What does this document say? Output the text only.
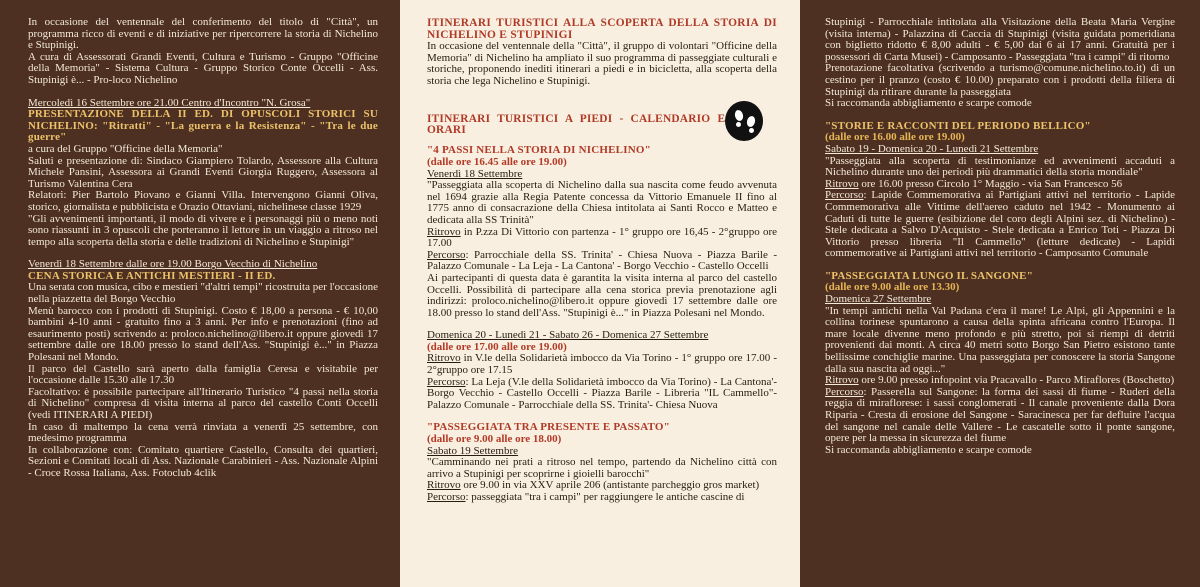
In occasione del ventennale del conferimento del titolo di "Città", un programma ricco di eventi e di iniziative per ripercorrere la storia di Nichelino e Stupinigi.

A cura di Assessorati Grandi Eventi, Cultura e Turismo - Gruppo "Officine della Memoria" - Sistema Cultura - Gruppo Storico Conte Occelli - Ass. Stupinigi è... - Pro-loco Nichelino

Mercoledì 16 Settembre ore 21.00 Centro d'Incontro "N. Grosa"

PRESENTAZIONE DELLA II ED. DI OPUSCOLI STORICI SU NICHELINO: "Ritratti" - "La guerra e la Resistenza" - "Tra le due guerre"

a cura del Gruppo "Officine della Memoria"

Saluti e presentazione di: Sindaco Giampiero Tolardo, Assessore alla Cultura Michele Pansini, Assessora ai Grandi Eventi Giorgia Ruggero, Assessora al Turismo Valentina Cera

Relatori: Pier Bartolo Piovano e Gianni Villa. Intervengono Gianni Oliva, storico, giornalista e pubblicista e Orazio Ottaviani, nichelinese classe 1929

"Gli avvenimenti importanti, il modo di vivere e i personaggi più o meno noti sono riassunti in 3 opuscoli che porteranno il lettore in un viaggio a ritroso nel tempo alla scoperta della storia e delle tradizioni di Nichelino e Stupinigi"

Venerdì 18 Settembre dalle ore 19.00 Borgo Vecchio di Nichelino

CENA STORICA E ANTICHI MESTIERI - II ED.

Una serata con musica, cibo e mestieri "d'altri tempi" ricostruita per l'occasione nella piazzetta del Borgo Vecchio

Menù barocco con i prodotti di Stupinigi. Costo € 18,00 a persona - € 10,00 bambini 4-10 anni - gratuito fino a 3 anni. Per info e prenotazioni (fino ad esaurimento posti) scrivendo a: proloco.nichelino@libero.it oppure giovedì 17 settembre dalle ore 18.00 presso lo stand dell'Ass. "Stupinigi è..." in Piazza Polesani nel Mondo.

Il parco del Castello sarà aperto dalla famiglia Ceresa e visitabile per l'occasione dalle 15.30 alle 17.30

Facoltativo: è possibile partecipare all'Itinerario Turistico "4 passi nella storia di Nichelino" compresa di visita interna al parco del castello Conti Occelli (vedi ITINERARI A PIEDI)

In caso di maltempo la cena verrà rinviata a venerdì 25 settembre, con medesimo programma

In collaborazione con: Comitato quartiere Castello, Consulta dei quartieri, Sezioni e Comitati locali di Ass. Nazionale Carabinieri - Ass. Nazionale Alpini - Croce Rossa Italiana, Ass. Fotoclub 4clik

ITINERARI TURISTICI ALLA SCOPERTA DELLA STORIA DI NICHELINO E STUPINIGI

In occasione del ventennale della "Città", il gruppo di volontari "Officine della Memoria" di Nichelino ha ampliato il suo programma di passeggiate culturali e storiche, proponendo inediti itinerari a piedi e in bicicletta, alla scoperta della storia che lega Nichelino e Stupinigi.

ITINERARI TURISTICI A PIEDI - CALENDARIO E ORARI

"4 PASSI NELLA STORIA DI NICHELINO"

(dalle ore 16.45 alle ore 19.00)

Venerdì 18 Settembre

"Passeggiata alla scoperta di Nichelino dalla sua nascita come feudo avvenuta nel 1694 grazie alla Regia Patente concessa da Vittorio Emanuele II fino al 1775 anno di consacrazione della Chiesa intitolata ai Santi Rocco e Matteo e dedicata alla SS Trinità"

Ritrovo in P.zza Di Vittorio con partenza - 1° gruppo ore 16,45 - 2°gruppo ore 17.00

Percorso: Parrocchiale della SS. Trinita' - Chiesa Nuova - Piazza Barile - Palazzo Comunale - La Leja - La Cantona' - Borgo Vecchio - Castello Occelli

Ai partecipanti di questa data è garantita la visita interna al parco del castello Occelli. Possibilità di partecipare alla cena storica previa prenotazione agli indirizzi: proloco.nichelino@libero.it oppure giovedì 17 settembre dalle ore 18.00 presso lo stand dell'Ass. "Stupinigi è..." in Piazza Polesani nel Mondo.

Domenica 20 - Lunedì 21 - Sabato 26 - Domenica 27 Settembre

(dalle ore 17.00 alle ore 19.00)

Ritrovo in V.le della Solidarietà imbocco da Via Torino - 1° gruppo ore 17.00 - 2°gruppo ore 17.15

Percorso: La Leja (V.le della Solidarietà imbocco da Via Torino) - La Cantona'- Borgo Vecchio - Castello Occelli - Piazza Barile - Libreria "IL Cammello"- Palazzo Comunale - Parrocchiale della SS. Trinita'- Chiesa Nuova

"PASSEGGIATA TRA PRESENTE E PASSATO"

(dalle ore 9.00 alle ore 18.00)

Sabato 19 Settembre

"Camminando nei prati a ritroso nel tempo, partendo da Nichelino città con arrivo a Stupinigi per scoprirne i gioielli barocchi"

Ritrovo ore 9.00 in via XXV aprile 206 (antistante parcheggio gros market)

Percorso: passeggiata "tra i campi" per raggiungere le antiche cascine di

Stupinigi - Parrocchiale intitolata alla Visitazione della Beata Maria Vergine (visita interna) - Palazzina di Caccia di Stupinigi (visita guidata pomeridiana con biglietto ridotto € 8,00 adulti - € 5,00 dai 6 ai 17 anni. Gratuità per i possessori di Carta Musei) - Camposanto - Passeggiata "tra i campi" di ritorno

Prenotazione facoltativa (scrivendo a turismo@comune.nichelino.to.it) di un cestino per il pranzo (costo € 10.00) preparato con i prodotti della filiera di Stupinigi da ritirare durante la passeggiata

Si raccomanda abbigliamento e scarpe comode

"STORIE E RACCONTI DEL PERIODO BELLICO"

(dalle ore 16.00 alle ore 19.00)

Sabato 19 - Domenica 20 - Lunedì 21 Settembre

"Passeggiata alla scoperta di testimonianze ed avvenimenti accaduti a Nichelino durante uno dei periodi più drammatici della storia mondiale"

Ritrovo ore 16.00 presso Circolo 1° Maggio - via San Francesco 56

Percorso: Lapide Commemorativa ai Partigiani attivi nel territorio - Lapide Commemorativa alle Vittime dell'aereo caduto nel 1942 - Monumento ai Caduti di tutte le guerre (esibizione del coro degli Alpini sez. di Nichelino) - Stele dedicata a Salvo D'Acquisto - Stele dedicata a Enrico Toti - Piazza Di Vittorio presso libreria "Il Cammello" (letture dedicate) - Lapidi commemorative ai Partigiani attivi nel territorio - Camposanto Comunale

"PASSEGGIATA LUNGO IL SANGONE"

(dalle ore 9.00 alle ore 13.30)

Domenica 27 Settembre

"In tempi antichi nella Val Padana c'era il mare! Le Alpi, gli Appennini e la collina torinese spuntarono a causa della spinta africana contro l'Europa. Il mare locale divenne meno profondo e più stretto, poi si riempì di detriti provenienti dai monti. A circa 40 metri sotto Borgo San Pietro esistono tante bellissime conchiglie marine. Una passeggiata per conoscere la storia Sangone dalla sua nascita ad oggi..."

Ritrovo ore 9.00 presso infopoint via Pracavallo - Parco Miraflores (Boschetto)

Percorso: Passerella sul Sangone: la forma dei sassi di fiume - Ruderi della reggia di miraflorese: i sassi conglomerati - Il canale proveniente dalla Dora Riparia - Cresta di erosione del Sangone - Saracinesca per far defluire l'acqua del sangone nel canale delle Vallere - Le cascatelle sotto il ponte sangone, opere per la messa in sicurezza del fiume

Si raccomanda abbigliamento e scarpe comode
